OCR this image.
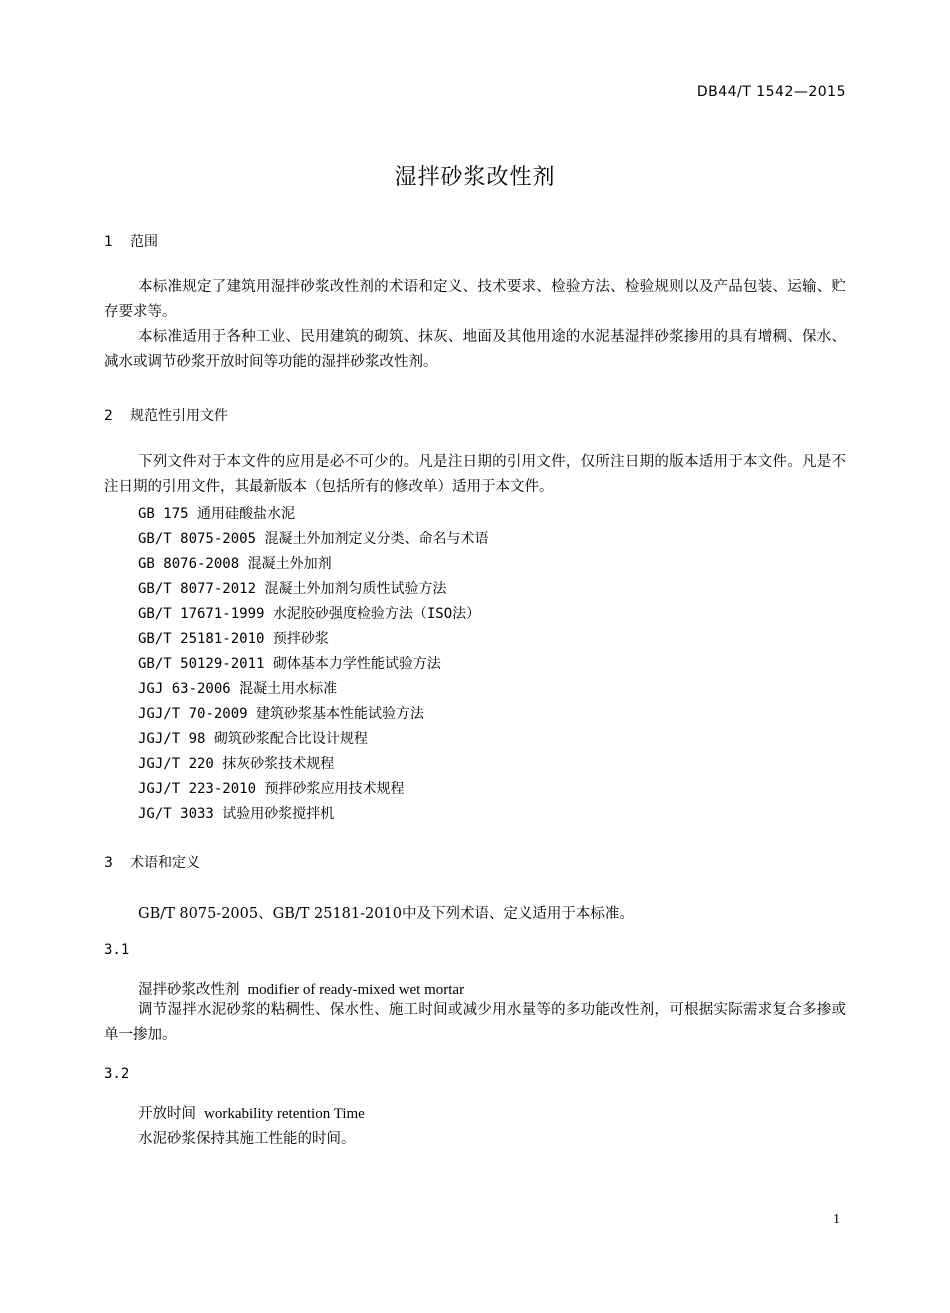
DB44/T 1542—2015
湿拌砂浆改性剂
1 范围
本标准规定了建筑用湿拌砂浆改性剂的术语和定义、技术要求、检验方法、检验规则以及产品包装、运输、贮存要求等。
本标准适用于各种工业、民用建筑的砌筑、抹灰、地面及其他用途的水泥基湿拌砂浆掺用的具有增稠、保水、减水或调节砂浆开放时间等功能的湿拌砂浆改性剂。
2 规范性引用文件
下列文件对于本文件的应用是必不可少的。凡是注日期的引用文件，仅所注日期的版本适用于本文件。凡是不注日期的引用文件，其最新版本（包括所有的修改单）适用于本文件。
GB 175 通用硅酸盐水泥
GB/T 8075-2005 混凝土外加剂定义分类、命名与术语
GB 8076-2008 混凝土外加剂
GB/T 8077-2012 混凝土外加剂匀质性试验方法
GB/T 17671-1999 水泥胶砂强度检验方法（ISO法）
GB/T 25181-2010 预拌砂浆
GB/T 50129-2011 砌体基本力学性能试验方法
JGJ 63-2006 混凝土用水标准
JGJ/T 70-2009 建筑砂浆基本性能试验方法
JGJ/T 98 砌筑砂浆配合比设计规程
JGJ/T 220 抹灰砂浆技术规程
JGJ/T 223-2010 预拌砂浆应用技术规程
JG/T 3033 试验用砂浆搅拌机
3 术语和定义
GB/T 8075-2005、GB/T 25181-2010中及下列术语、定义适用于本标准。
3.1
湿拌砂浆改性剂 modifier of ready-mixed wet mortar
调节湿拌水泥砂浆的粘稠性、保水性、施工时间或减少用水量等的多功能改性剂，可根据实际需求复合多掺或单一掺加。
3.2
开放时间 workability retention Time
水泥砂浆保持其施工性能的时间。
1
